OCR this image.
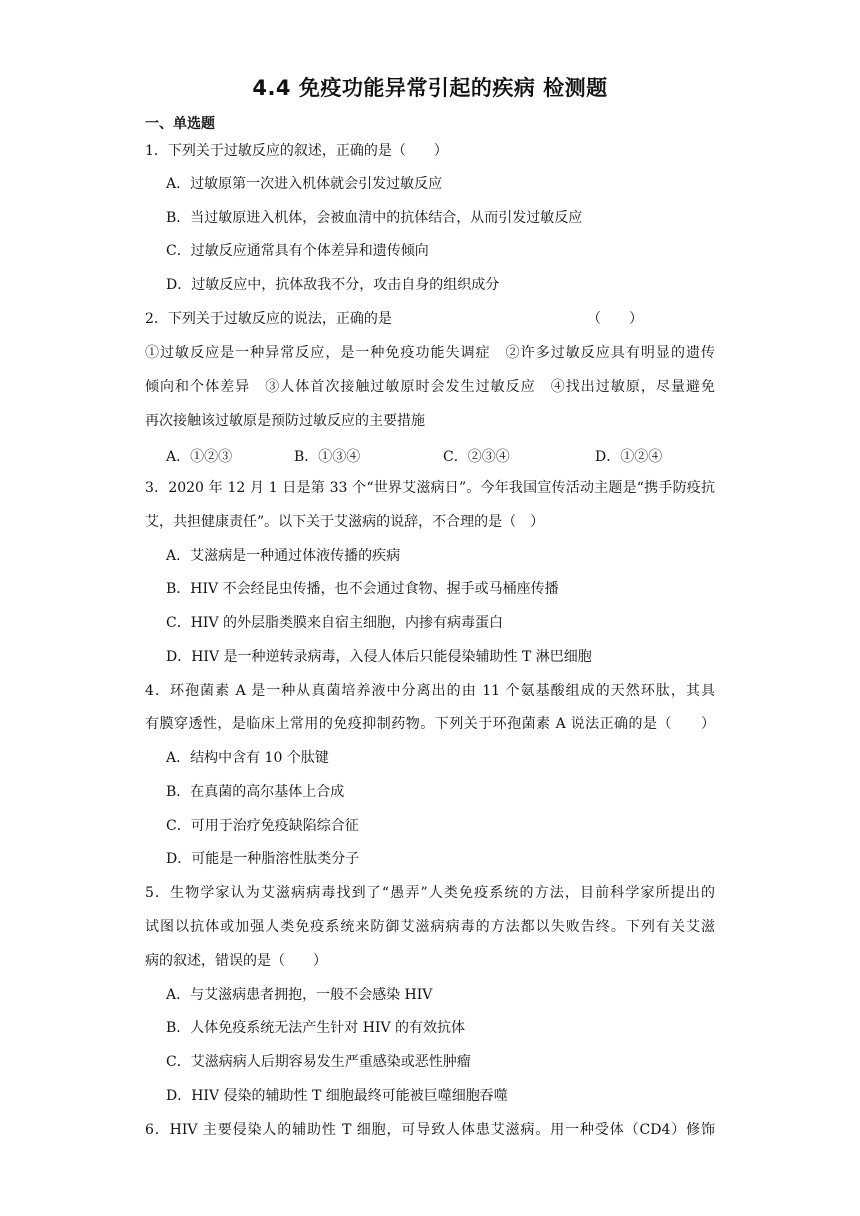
4.4 免疫功能异常引起的疾病 检测题
一、单选题
1．下列关于过敏反应的叙述，正确的是（　　）
A．过敏原第一次进入机体就会引发过敏反应
B．当过敏原进入机体，会被血清中的抗体结合，从而引发过敏反应
C．过敏反应通常具有个体差异和遗传倾向
D．过敏反应中，抗体敌我不分，攻击自身的组织成分
2．下列关于过敏反应的说法，正确的是	（　　）
①过敏反应是一种异常反应，是一种免疫功能失调症　②许多过敏反应具有明显的遗传
倾向和个体差异　③人体首次接触过敏原时会发生过敏反应　④找出过敏原，尽量避免
再次接触该过敏原是预防过敏反应的主要措施
A．①②③	B．①③④	C．②③④	D．①②④
3．2020 年 12 月 1 日是第 33 个“世界艾滋病日”。今年我国宣传活动主题是“携手防疫抗
艾，共担健康责任”。以下关于艾滋病的说辞，不合理的是（　）
A．艾滋病是一种通过体液传播的疾病
B．HIV 不会经昆虫传播，也不会通过食物、握手或马桶座传播
C．HIV 的外层脂类膜来自宿主细胞，内掺有病毒蛋白
D．HIV 是一种逆转录病毒，入侵人体后只能侵染辅助性 T 淋巴细胞
4．环孢菌素 A 是一种从真菌培养液中分离出的由 11 个氨基酸组成的天然环肽，其具
有膜穿透性，是临床上常用的免疫抑制药物。下列关于环孢菌素 A 说法正确的是（　　）
A．结构中含有 10 个肽键
B．在真菌的高尔基体上合成
C．可用于治疗免疫缺陷综合征
D．可能是一种脂溶性肽类分子
5．生物学家认为艾滋病病毒找到了“愚弄”人类免疫系统的方法，目前科学家所提出的
试图以抗体或加强人类免疫系统来防御艾滋病病毒的方法都以失败告终。下列有关艾滋
病的叙述，错误的是（　　）
A．与艾滋病患者拥抱，一般不会感染 HIV
B．人体免疫系统无法产生针对 HIV 的有效抗体
C．艾滋病病人后期容易发生严重感染或恶性肿瘤
D．HIV 侵染的辅助性 T 细胞最终可能被巨噬细胞吞噬
6．HIV 主要侵染人的辅助性 T 细胞，可导致人体患艾滋病。用一种受体（CD4）修饰
